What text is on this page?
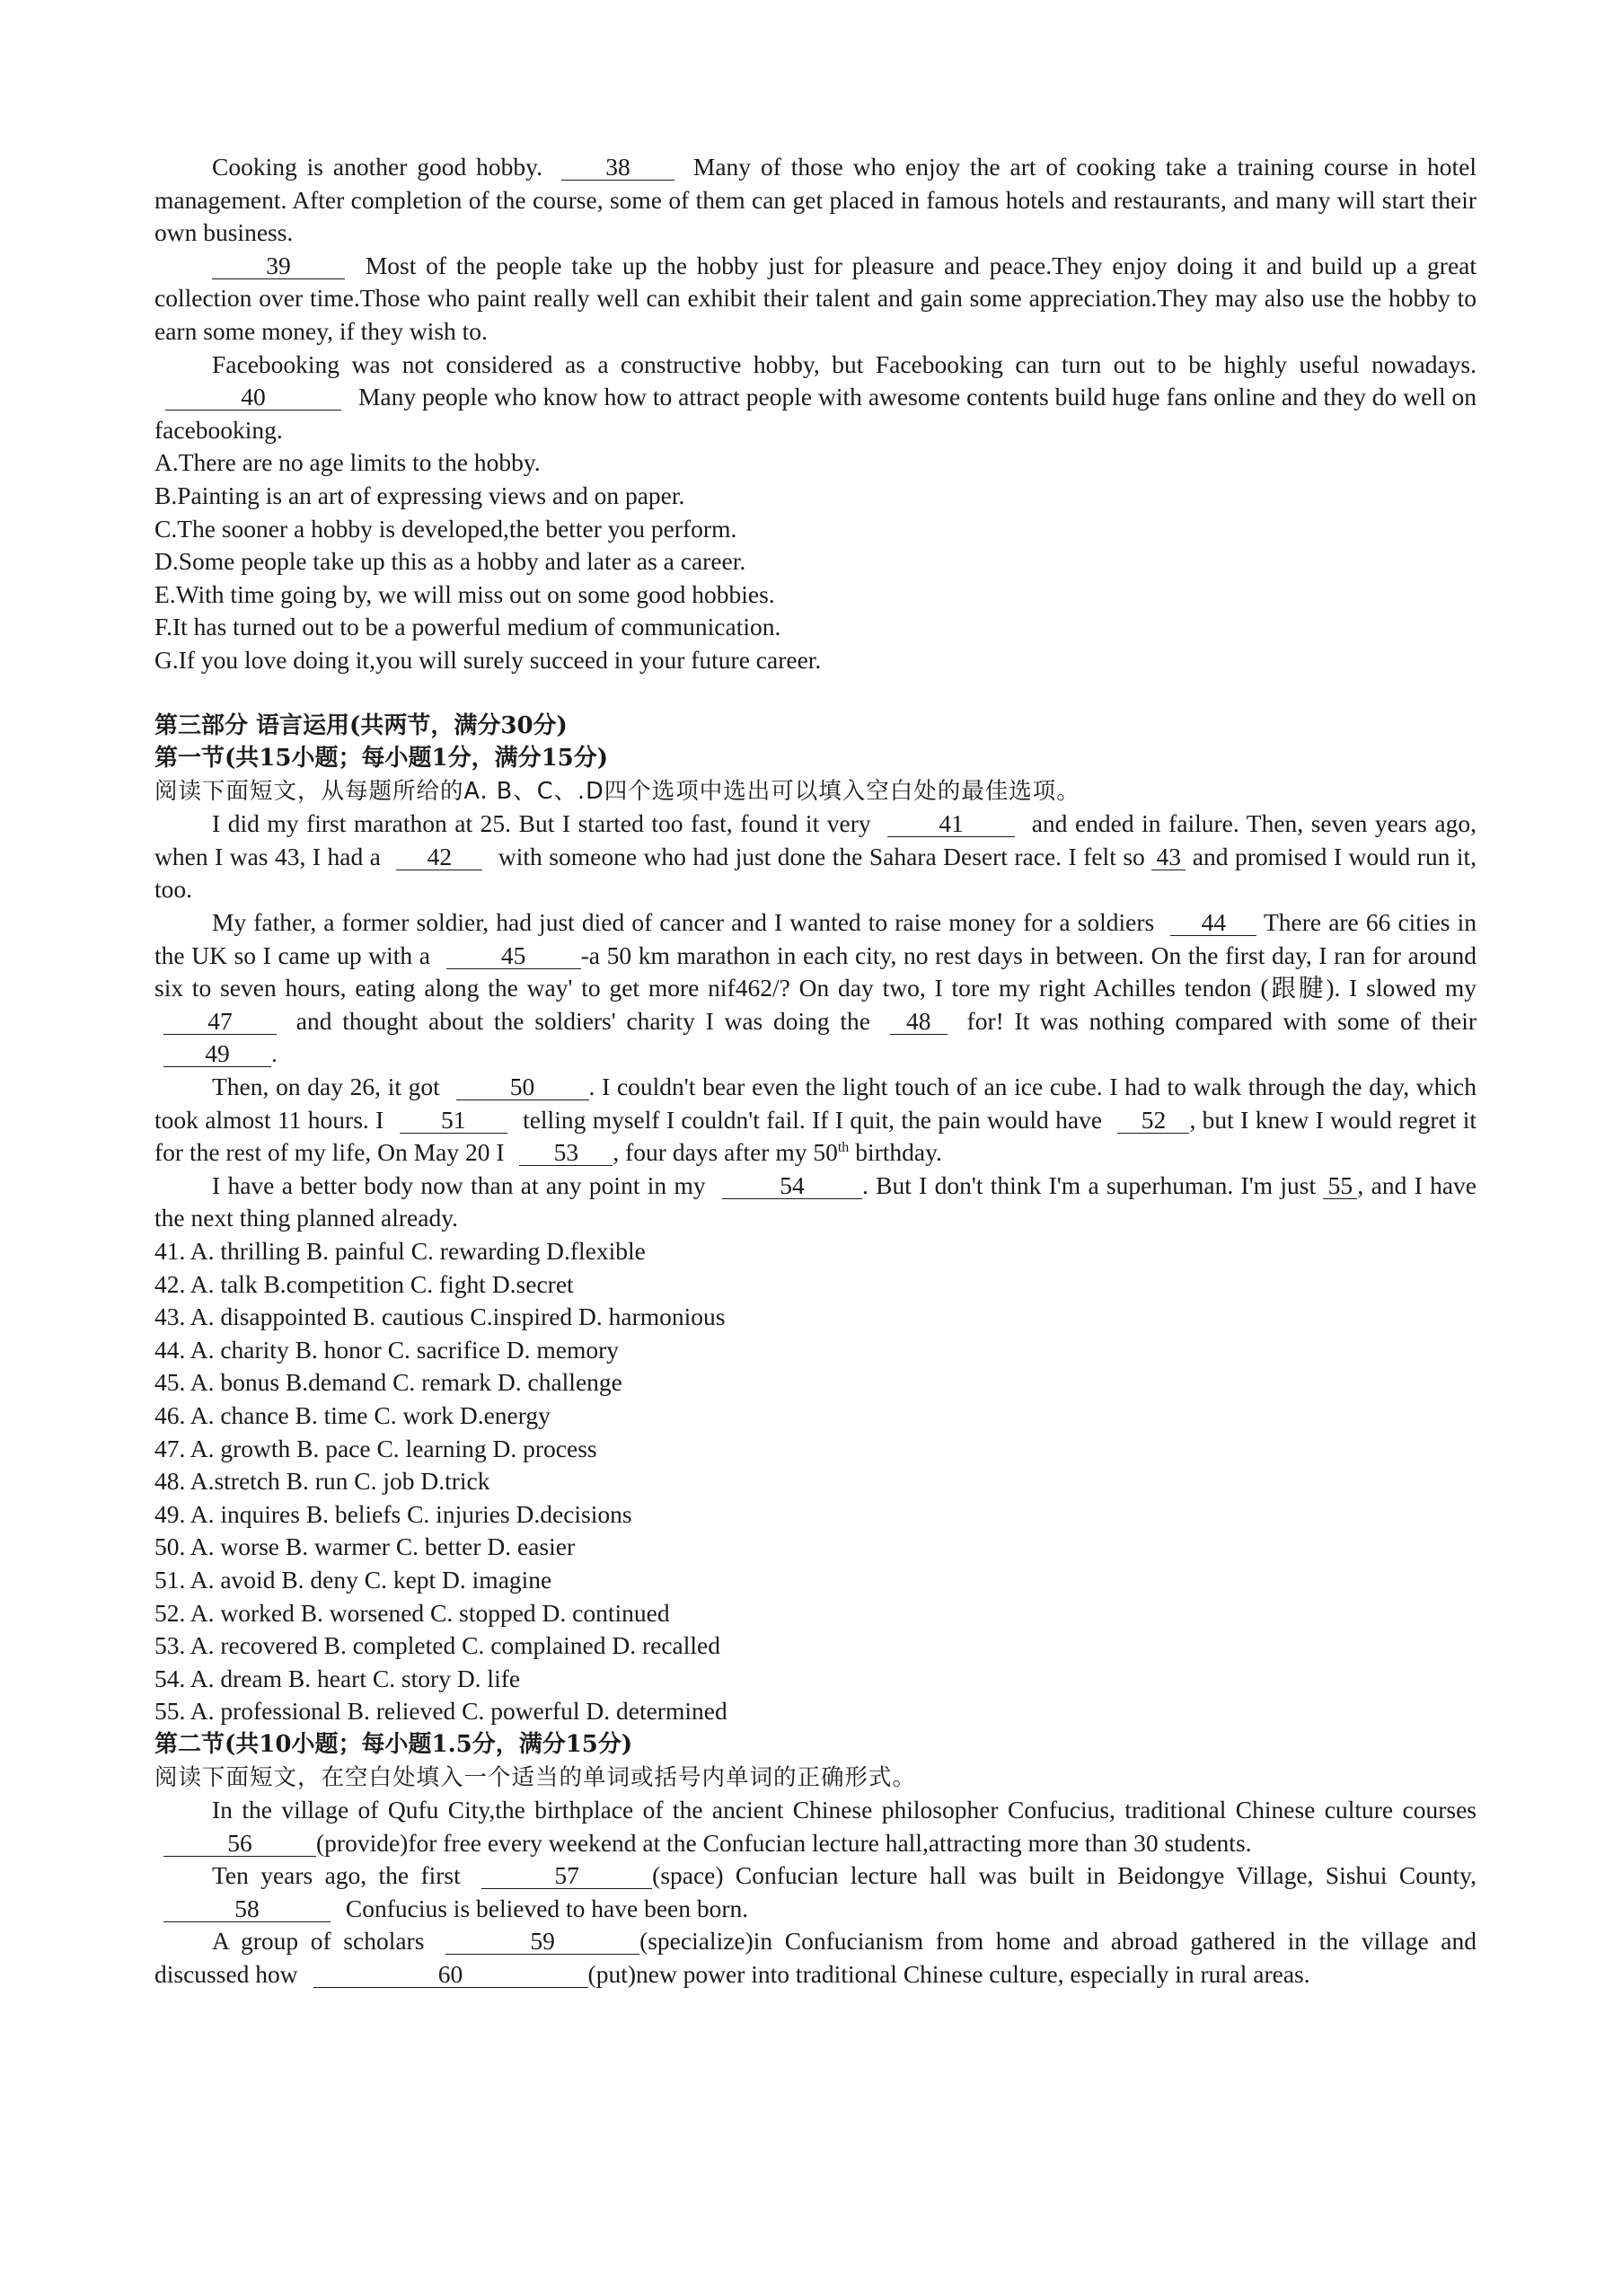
Cooking is another good hobby.	38	Many of those who enjoy the art of cooking take a training course in hotel management. After completion of the course, some of them can get placed in famous hotels and restaurants, and many will start their own business.

39	Most of the people take up the hobby just for pleasure and peace.They enjoy doing it and build up a great collection over time.Those who paint really well can exhibit their talent and gain some appreciation.They may also use the hobby to earn some money, if they wish to.

Facebooking was not considered as a constructive hobby, but Facebooking can turn out to be highly useful nowadays. 40	Many people who know how to attract people with awesome contents build huge fans online and they do well on facebooking.

A.There are no age limits to the hobby.

B.Painting is an art of expressing views and on paper.

C.The sooner a hobby is developed,the better you perform.

D.Some people take up this as a hobby and later as a career.

E.With time going by, we will miss out on some good hobbies.

F.It has turned out to be a powerful medium of communication.

G.If you love doing it,you will surely succeed in your future career.

第三部分 语言运用(共两节，满分30分)

第一节(共15小题；每小题1分，满分15分)

阅读下面短文，从每题所给的A. B、C、.D四个选项中选出可以填入空白处的最佳选项。

I did my first marathon at 25. But I started too fast, found it very	41	and ended in failure. Then, seven years ago, when I was 43, I had a 42 with someone who had just done the Sahara Desert race. I felt so 43 and promised I would run it, too.

My father, a former soldier, had just died of cancer and I wanted to raise money for a soldiers 44 There are 66 cities in the UK so I came up with a	45 -a 50 km marathon in each city, no rest days in between. On the first day, I ran for around six to seven hours, eating along the way' to get more nif462/? On day two, I tore my right Achilles tendon (跟腱). I slowed my 47	and thought about the soldiers' charity I was doing the 48 for! It was nothing compared with some of their 49 .

Then, on day 26, it got	50 . I couldn't bear even the light touch of an ice cube. I had to walk through the day, which took almost 11 hours. I 51 telling myself I couldn't fail. If I quit, the pain would have 52 , but I knew I would regret it for the rest of my life, On May 20 I 53 , four days after my 50th birthday.

I have a better body now than at any point in my	54 . But I don't think I'm a superhuman. I'm just 55 , and I have the next thing planned already.

41. A. thrilling B. painful C. rewarding D.flexible

42. A. talk B.competition C. fight D.secret

43. A. disappointed B. cautious C.inspired D. harmonious

44. A. charity B. honor C. sacrifice D. memory

45. A. bonus B.demand C. remark D. challenge

46. A. chance B. time C. work D.energy

47. A. growth B. pace C. learning D. process

48. A.stretch B. run C. job D.trick

49. A. inquires B. beliefs C. injuries D.decisions

50. A. worse B. warmer C. better D. easier

51. A. avoid B. deny C. kept D. imagine

52. A. worked B. worsened C. stopped D. continued

53. A. recovered B. completed C. complained D. recalled

54. A. dream B. heart C. story D. life

55. A. professional B. relieved C. powerful D. determined

第二节(共10小题；每小题1.5分，满分15分)

阅读下面短文，在空白处填入一个适当的单词或括号内单词的正确形式。

In the village of Qufu City,the birthplace of the ancient Chinese philosopher Confucius, traditional Chinese culture courses 56	(provide)for free every weekend at the Confucian lecture hall,attracting more than 30 students.

Ten years ago, the first	57	(space) Confucian lecture hall was built in Beidongye Village, Sishui County, 58	Confucius is believed to have been born.

A group of scholars	59	(specialize)in Confucianism from home and abroad gathered in the village and discussed how	60	(put)new power into traditional Chinese culture, especially in rural areas.
